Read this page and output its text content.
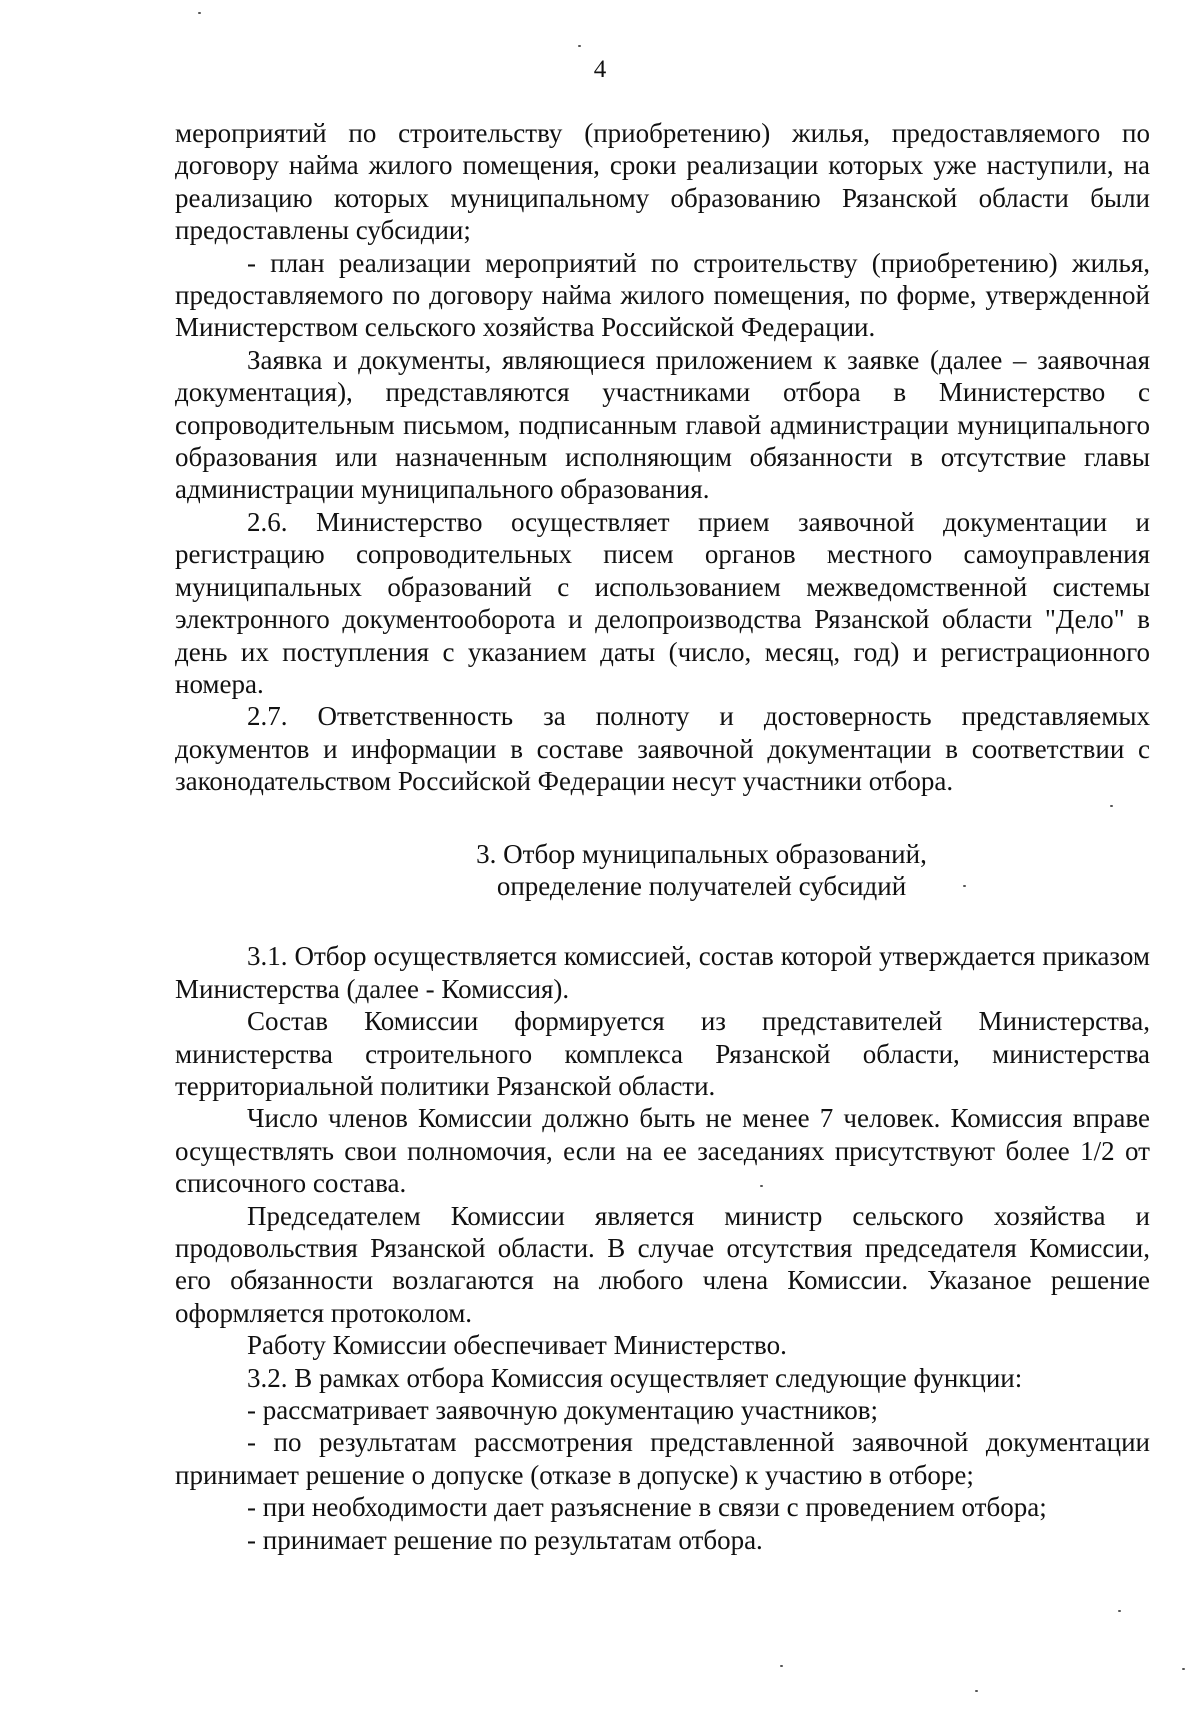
4

мероприятий по строительству (приобретению) жилья, предоставляемого по договору найма жилого помещения, сроки реализации которых уже наступили, на реализацию которых муниципальному образованию Рязанской области были предоставлены субсидии;

- план реализации мероприятий по строительству (приобретению) жилья, предоставляемого по договору найма жилого помещения, по форме, утвержденной Министерством сельского хозяйства Российской Федерации.

Заявка и документы, являющиеся приложением к заявке (далее – заявочная документация), представляются участниками отбора в Министерство с сопроводительным письмом, подписанным главой администрации муниципального образования или назначенным исполняющим обязанности в отсутствие главы администрации муниципального образования.

2.6. Министерство осуществляет прием заявочной документации и регистрацию сопроводительных писем органов местного самоуправления муниципальных образований с использованием межведомственной системы электронного документооборота и делопроизводства Рязанской области "Дело" в день их поступления с указанием даты (число, месяц, год) и регистрационного номера.

2.7. Ответственность за полноту и достоверность представляемых документов и информации в составе заявочной документации в соответствии с законодательством Российской Федерации несут участники отбора.

3. Отбор муниципальных образований,
определение получателей субсидий

3.1. Отбор осуществляется комиссией, состав которой утверждается приказом Министерства (далее - Комиссия).

Состав Комиссии формируется из представителей Министерства, министерства строительного комплекса Рязанской области, министерства территориальной политики Рязанской области.

Число членов Комиссии должно быть не менее 7 человек. Комиссия вправе осуществлять свои полномочия, если на ее заседаниях присутствуют более 1/2 от списочного состава.

Председателем Комиссии является министр сельского хозяйства и продовольствия Рязанской области. В случае отсутствия председателя Комиссии, его обязанности возлагаются на любого члена Комиссии. Указаное решение оформляется протоколом.

Работу Комиссии обеспечивает Министерство.

3.2. В рамках отбора Комиссия осуществляет следующие функции:

- рассматривает заявочную документацию участников;

- по результатам рассмотрения представленной заявочной документации принимает решение о допуске (отказе в допуске) к участию в отборе;

- при необходимости дает разъяснение в связи с проведением отбора;

- принимает решение по результатам отбора.
